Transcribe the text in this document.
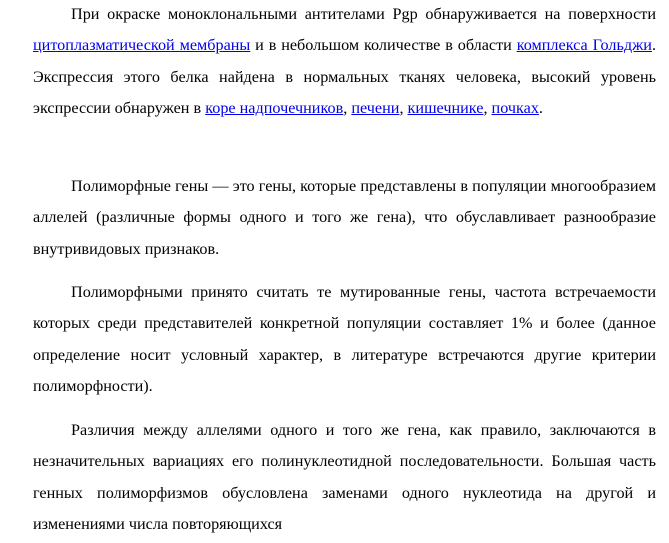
При окраске моноклональными антителами Pgp обнаруживается на поверхности цитоплазматической мембраны и в небольшом количестве в области комплекса Гольджи. Экспрессия этого белка найдена в нормальных тканях человека, высокий уровень экспрессии обнаружен в коре надпочечников, печени, кишечнике, почках.

Полиморфные гены — это гены, которые представлены в популяции многообразием аллелей (различные формы одного и того же гена), что обуславливает разнообразие внутривидовых признаков.

Полиморфными принято считать те мутированные гены, частота встречаемости которых среди представителей конкретной популяции составляет 1% и более (данное определение носит условный характер, в литературе встречаются другие критерии полиморфности).

Различия между аллелями одного и того же гена, как правило, заключаются в незначительных вариациях его полинуклеотидной последовательности. Большая часть генных полиморфизмов обусловлена заменами одного нуклеотида на другой и изменениями числа повторяющихся
